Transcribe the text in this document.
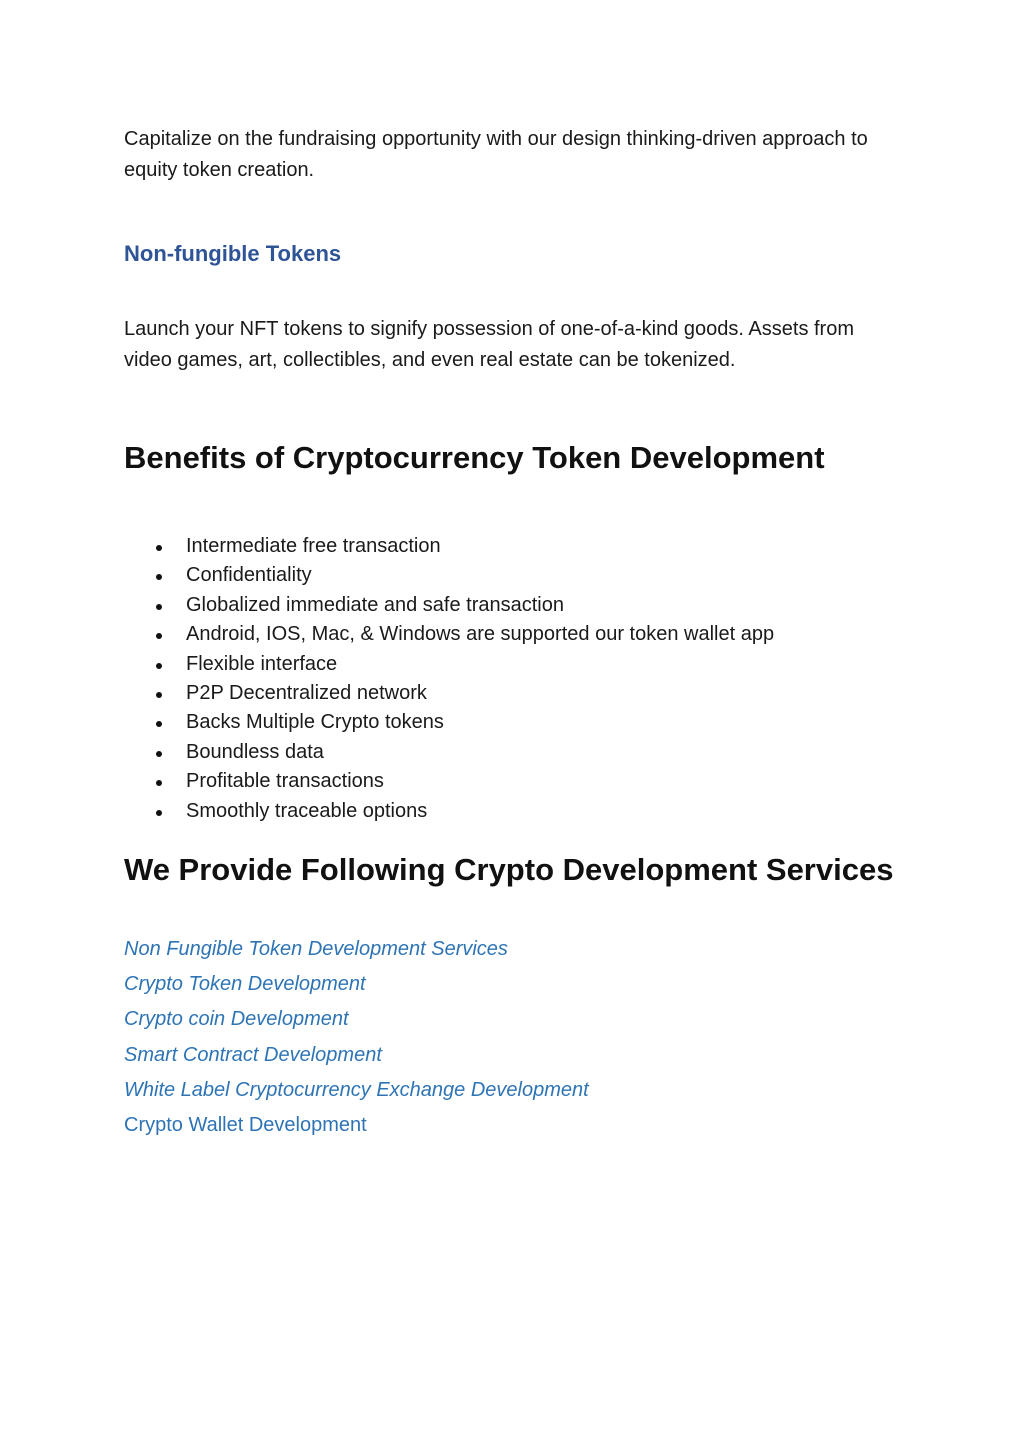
Capitalize on the fundraising opportunity with our design thinking-driven approach to equity token creation.

Non-fungible Tokens

Launch your NFT tokens to signify possession of one-of-a-kind goods. Assets from video games, art, collectibles, and even real estate can be tokenized.

Benefits of Cryptocurrency Token Development
Intermediate free transaction
Confidentiality
Globalized immediate and safe transaction
Android, IOS, Mac, & Windows are supported our token wallet app
Flexible interface
P2P Decentralized network
Backs Multiple Crypto tokens
Boundless data
Profitable transactions
Smoothly traceable options
We Provide Following Crypto Development Services
Non Fungible Token Development Services
Crypto Token Development
Crypto coin Development
Smart Contract Development
White Label Cryptocurrency Exchange Development
Crypto Wallet Development
